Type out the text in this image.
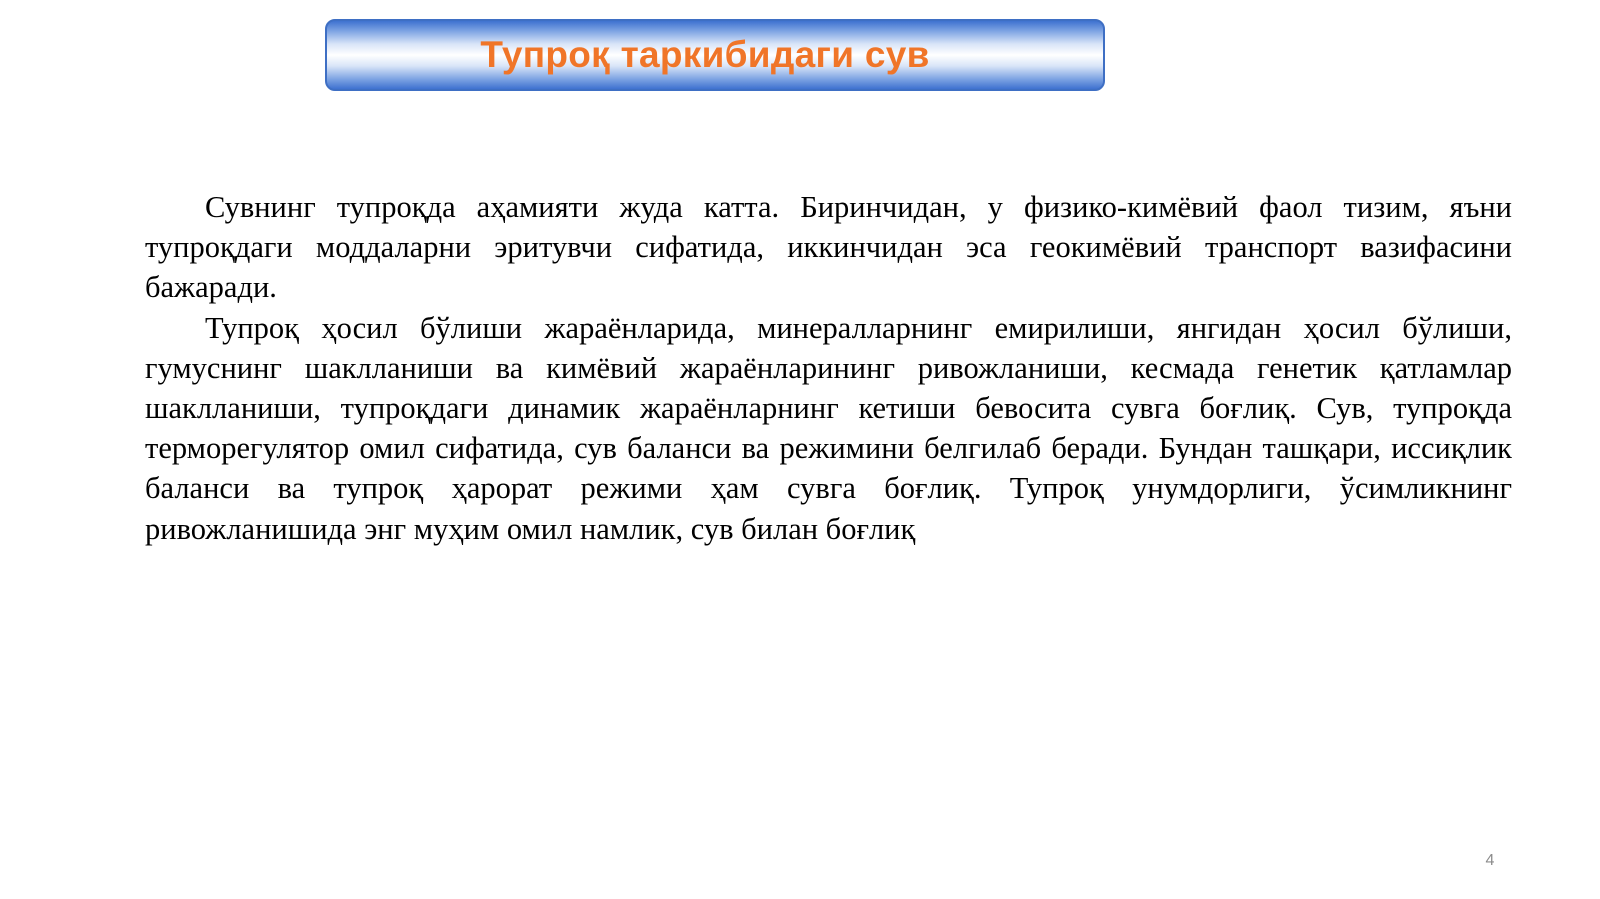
Тупроқ таркибидаги сув

Сувнинг тупроқда аҳамияти жуда катта. Биринчидан, у физико-кимёвий фаол тизим, яъни тупроқдаги моддаларни эритувчи сифатида, иккинчидан эса геокимёвий транспорт вазифасини бажаради.

Тупроқ ҳосил бўлиши жараёнларида, минералларнинг емирилиши, янгидан ҳосил бўлиши, гумуснинг шаклланиши ва кимёвий жараёнларининг ривожланиши, кесмада генетик қатламлар шаклланиши, тупроқдаги динамик жараёнларнинг кетиши бевосита сувга боғлиқ. Сув, тупроқда терморегулятор омил сифатида, сув баланси ва режимини белгилаб беради. Бундан ташқари, иссиқлик баланси ва тупроқ ҳарорат режими ҳам сувга боғлиқ. Тупроқ унумдорлиги, ўсимликнинг ривожланишида энг муҳим омил намлик, сув билан боғлиқ

4
